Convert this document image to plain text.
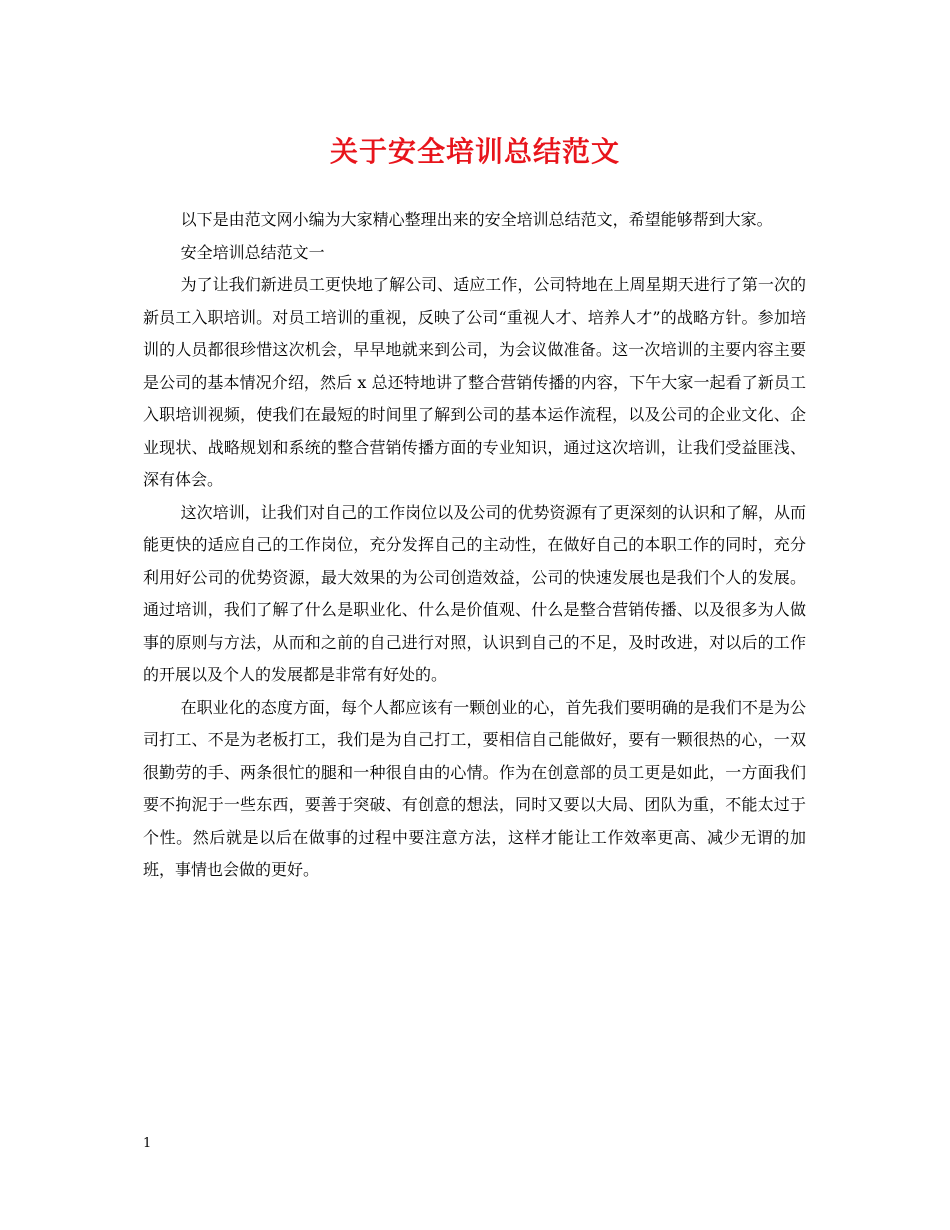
关于安全培训总结范文

以下是由范文网小编为大家精心整理出来的安全培训总结范文，希望能够帮到大家。

安全培训总结范文一

为了让我们新进员工更快地了解公司、适应工作，公司特地在上周星期天进行了第一次的新员工入职培训。对员工培训的重视，反映了公司“重视人才、培养人才”的战略方针。参加培训的人员都很珍惜这次机会，早早地就来到公司，为会议做准备。这一次培训的主要内容主要是公司的基本情况介绍，然后 x 总还特地讲了整合营销传播的内容，下午大家一起看了新员工入职培训视频，使我们在最短的时间里了解到公司的基本运作流程，以及公司的企业文化、企业现状、战略规划和系统的整合营销传播方面的专业知识，通过这次培训，让我们受益匪浅、深有体会。

这次培训，让我们对自己的工作岗位以及公司的优势资源有了更深刻的认识和了解，从而能更快的适应自己的工作岗位，充分发挥自己的主动性，在做好自己的本职工作的同时，充分利用好公司的优势资源，最大效果的为公司创造效益，公司的快速发展也是我们个人的发展。通过培训，我们了解了什么是职业化、什么是价值观、什么是整合营销传播、以及很多为人做事的原则与方法，从而和之前的自己进行对照，认识到自己的不足，及时改进，对以后的工作的开展以及个人的发展都是非常有好处的。

在职业化的态度方面，每个人都应该有一颗创业的心，首先我们要明确的是我们不是为公司打工、不是为老板打工，我们是为自己打工，要相信自己能做好，要有一颗很热的心，一双很勤劳的手、两条很忙的腿和一种很自由的心情。作为在创意部的员工更是如此，一方面我们要不拘泥于一些东西，要善于突破、有创意的想法，同时又要以大局、团队为重，不能太过于个性。然后就是以后在做事的过程中要注意方法，这样才能让工作效率更高、减少无谓的加班，事情也会做的更好。

1
